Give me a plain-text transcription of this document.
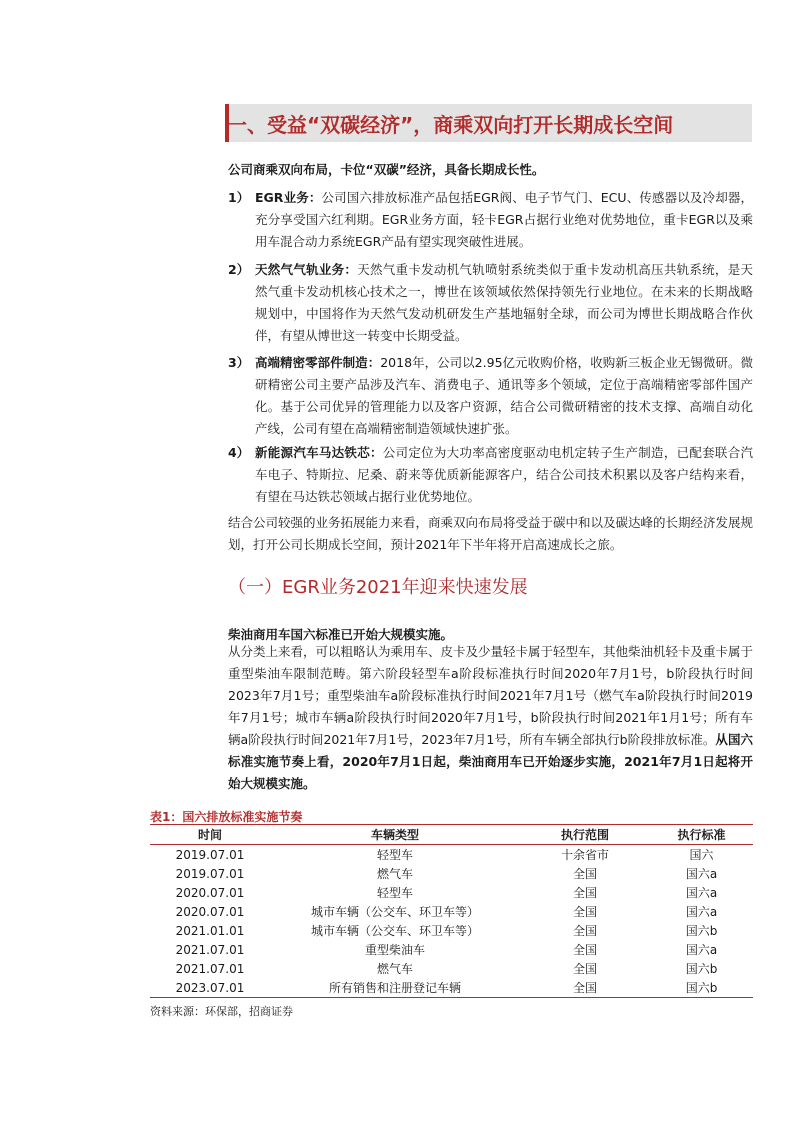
一、受益“双碳经济”，商乘双向打开长期成长空间
公司商乘双向布局，卡位“双碳”经济，具备长期成长性。
1） EGR业务：公司国六排放标准产品包括EGR阀、电子节气门、ECU、传感器以及冷却器，充分享受国六红利期。EGR业务方面，轻卡EGR占据行业绝对优势地位，重卡EGR以及乘用车混合动力系统EGR产品有望实现突破性进展。
2） 天然气气轨业务：天然气重卡发动机气轨喷射系统类似于重卡发动机高压共轨系统，是天然气重卡发动机核心技术之一，博世在该领域依然保持领先行业地位。在未来的长期战略规划中，中国将作为天然气发动机研发生产基地辐射全球，而公司为博世长期战略合作伙伴，有望从博世这一转变中长期受益。
3） 高端精密零部件制造：2018年，公司以2.95亿元收购价格，收购新三板企业无锡微研。微研精密公司主要产品涉及汽车、消费电子、通讯等多个领域，定位于高端精密零部件国产化。基于公司优异的管理能力以及客户资源，结合公司微研精密的技术支撑、高端自动化产线，公司有望在高端精密制造领域快速扩张。
4） 新能源汽车马达铁芯：公司定位为大功率高密度驱动电机定转子生产制造，已配套联合汽车电子、特斯拉、尼桑、蔚来等优质新能源客户，结合公司技术积累以及客户结构来看，有望在马达铁芯领域占据行业优势地位。
结合公司较强的业务拓展能力来看，商乘双向布局将受益于碳中和以及碳达峰的长期经济发展规划，打开公司长期成长空间，预计2021年下半年将开启高速成长之旅。
（一）EGR业务2021年迎来快速发展
柴油商用车国六标准已开始大规模实施。
从分类上来看，可以粗略认为乘用车、皮卡及少量轻卡属于轻型车，其他柴油机轻卡及重卡属于重型柴油车限制范畴。第六阶段轻型车a阶段标准执行时间2020年7月1号，b阶段执行时间2023年7月1号；重型柴油车a阶段标准执行时间2021年7月1号（燃气车a阶段执行时间2019年7月1号；城市车辆a阶段执行时间2020年7月1号，b阶段执行时间2021年1月1号；所有车辆a阶段执行时间2021年7月1号，2023年7月1号，所有车辆全部执行b阶段排放标准。从国六标准实施节奏上看，2020年7月1日起，柴油商用车已开始逐步实施，2021年7月1日起将开始大规模实施。
表1：国六排放标准实施节奏
时间	车辆类型	执行范围	执行标准
2019.07.01	轻型车	十余省市	国六
2019.07.01	燃气车	全国	国六a
2020.07.01	轻型车	全国	国六a
2020.07.01	城市车辆（公交车、环卫车等）	全国	国六a
2021.01.01	城市车辆（公交车、环卫车等）	全国	国六b
2021.07.01	重型柴油车	全国	国六a
2021.07.01	燃气车	全国	国六b
2023.07.01	所有销售和注册登记车辆	全国	国六b
资料来源：环保部，招商证券
